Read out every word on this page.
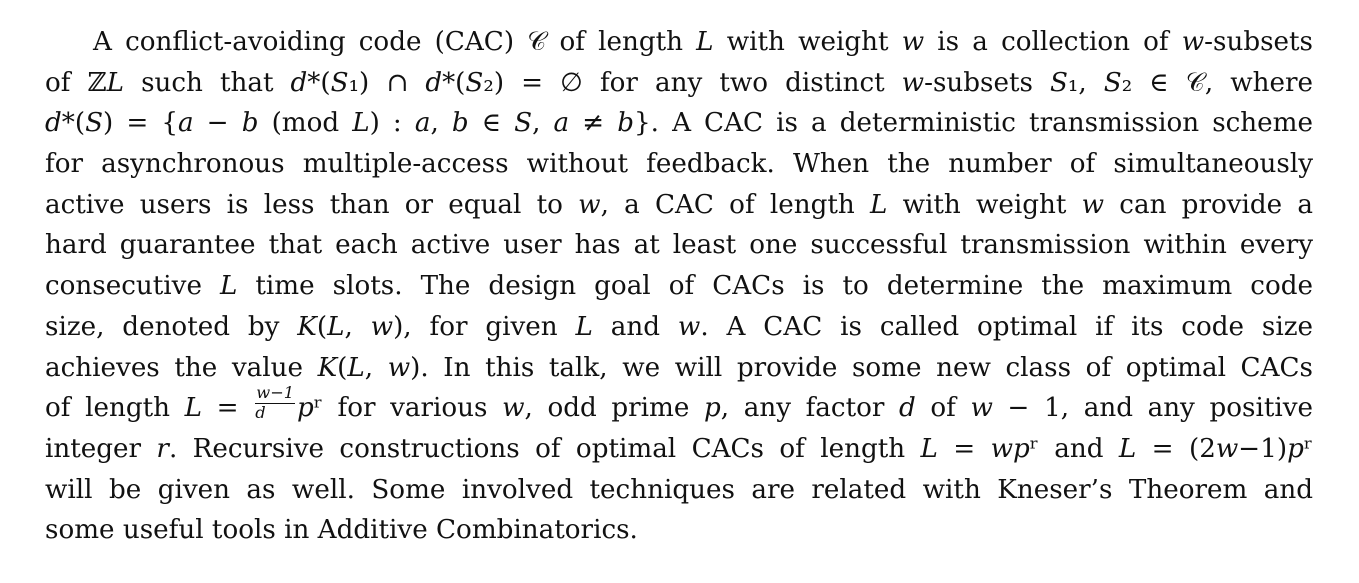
A conflict-avoiding code (CAC) 𝒞 of length 𝐿 with weight 𝑤 is a collection of 𝑤-subsets
of ℤ𝐿 such that 𝑑*(𝑆₁) ∩ 𝑑*(𝑆₂) = ∅ for any two distinct 𝑤-subsets 𝑆₁, 𝑆₂ ∈ 𝒞, where
𝑑*(𝑆) = {𝑎 − 𝑏 (mod 𝐿) : 𝑎, 𝑏 ∈ 𝑆, 𝑎 ≠ 𝑏}. A CAC is a deterministic transmission scheme
for asynchronous multiple-access without feedback. When the number of simultaneously
active users is less than or equal to 𝑤, a CAC of length 𝐿 with weight 𝑤 can provide a
hard guarantee that each active user has at least one successful transmission within every
consecutive 𝐿 time slots. The design goal of CACs is to determine the maximum code
size, denoted by 𝐾(𝐿, 𝑤), for given 𝐿 and 𝑤. A CAC is called optimal if its code size
achieves the value 𝐾(𝐿, 𝑤). In this talk, we will provide some new class of optimal CACs
of length 𝐿 = $\frac{\text{𝑤−1}}{\text{𝑑}}$ 𝑝ʳ for various 𝑤, odd prime 𝑝, any factor 𝑑 of 𝑤 − 1, and any positive
integer 𝑟. Recursive constructions of optimal CACs of length 𝐿 = 𝑤𝑝ʳ and 𝐿 = (2𝑤−1)𝑝ʳ
will be given as well. Some involved techniques are related with Kneser’s Theorem and
some useful tools in Additive Combinatorics.
